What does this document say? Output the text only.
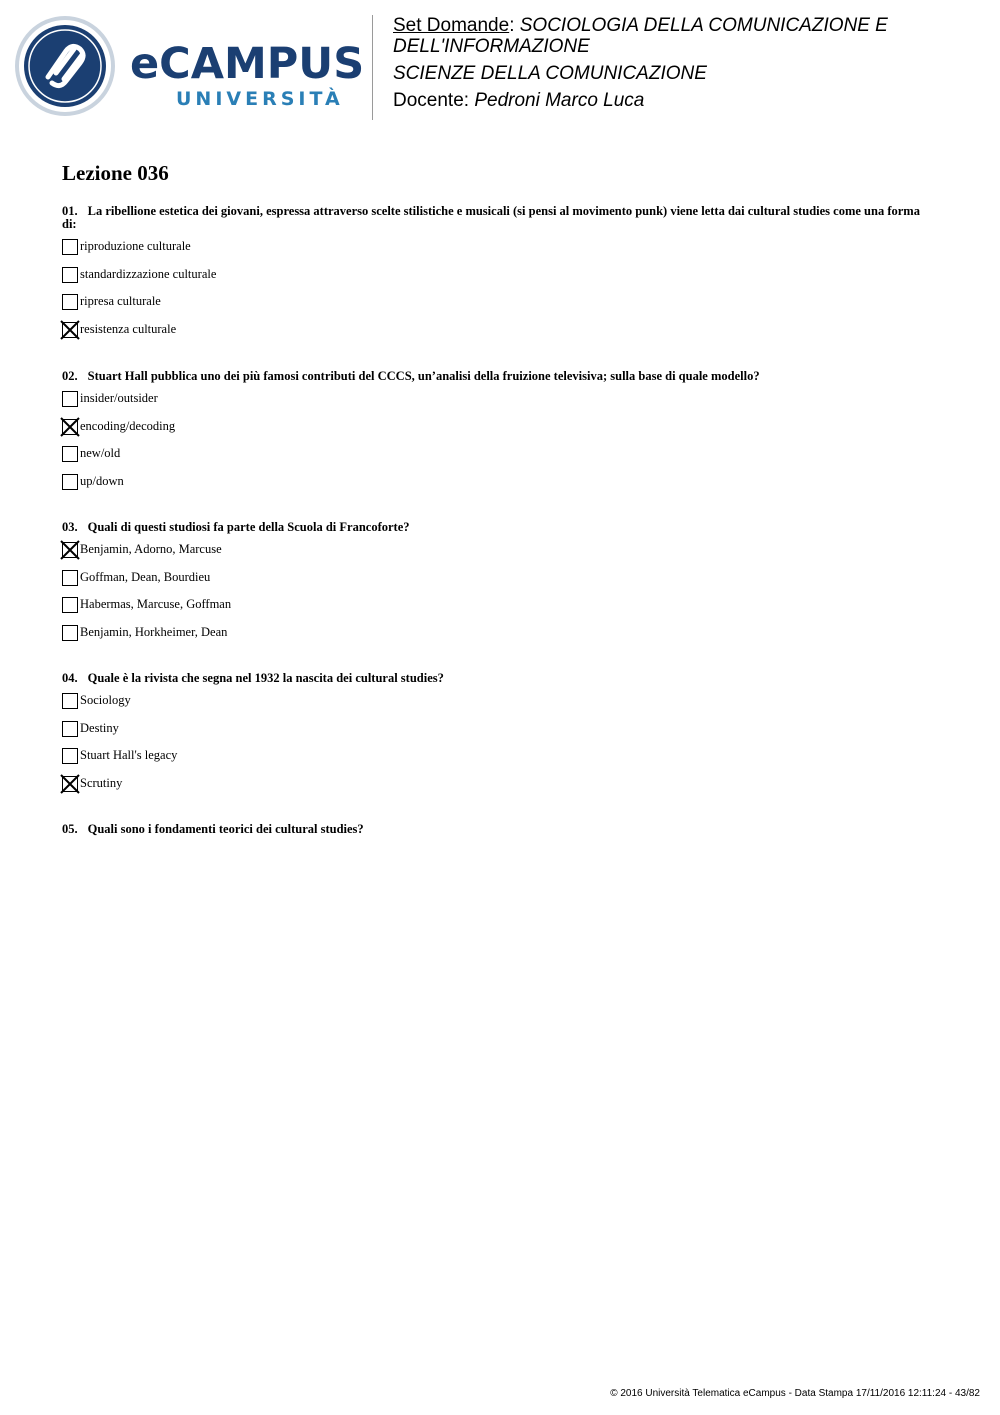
eCAMPUS
UNIVERSITÀ

Set Domande: SOCIOLOGIA DELLA COMUNICAZIONE E

DELL'INFORMAZIONE

SCIENZE DELLA COMUNICAZIONE

Docente: Pedroni Marco Luca

Lezione 036

01. La ribellione estetica dei giovani, espressa attraverso scelte stilistiche e musicali (si pensi al movimento punk) viene letta dai cultural studies come una forma
di:

riproduzione culturale
standardizzazione culturale
ripresa culturale
resistenza culturale

02. Stuart Hall pubblica uno dei più famosi contributi del CCCS, un’analisi della fruizione televisiva; sulla base di quale modello?

insider/outsider
encoding/decoding
new/old
up/down

03. Quali di questi studiosi fa parte della Scuola di Francoforte?

Benjamin, Adorno, Marcuse
Goffman, Dean, Bourdieu
Habermas, Marcuse, Goffman
Benjamin, Horkheimer, Dean

04. Quale è la rivista che segna nel 1932 la nascita dei cultural studies?

Sociology
Destiny
Stuart Hall's legacy
Scrutiny

05. Quali sono i fondamenti teorici dei cultural studies?

© 2016 Università Telematica eCampus - Data Stampa 17/11/2016 12:11:24 - 43/82
